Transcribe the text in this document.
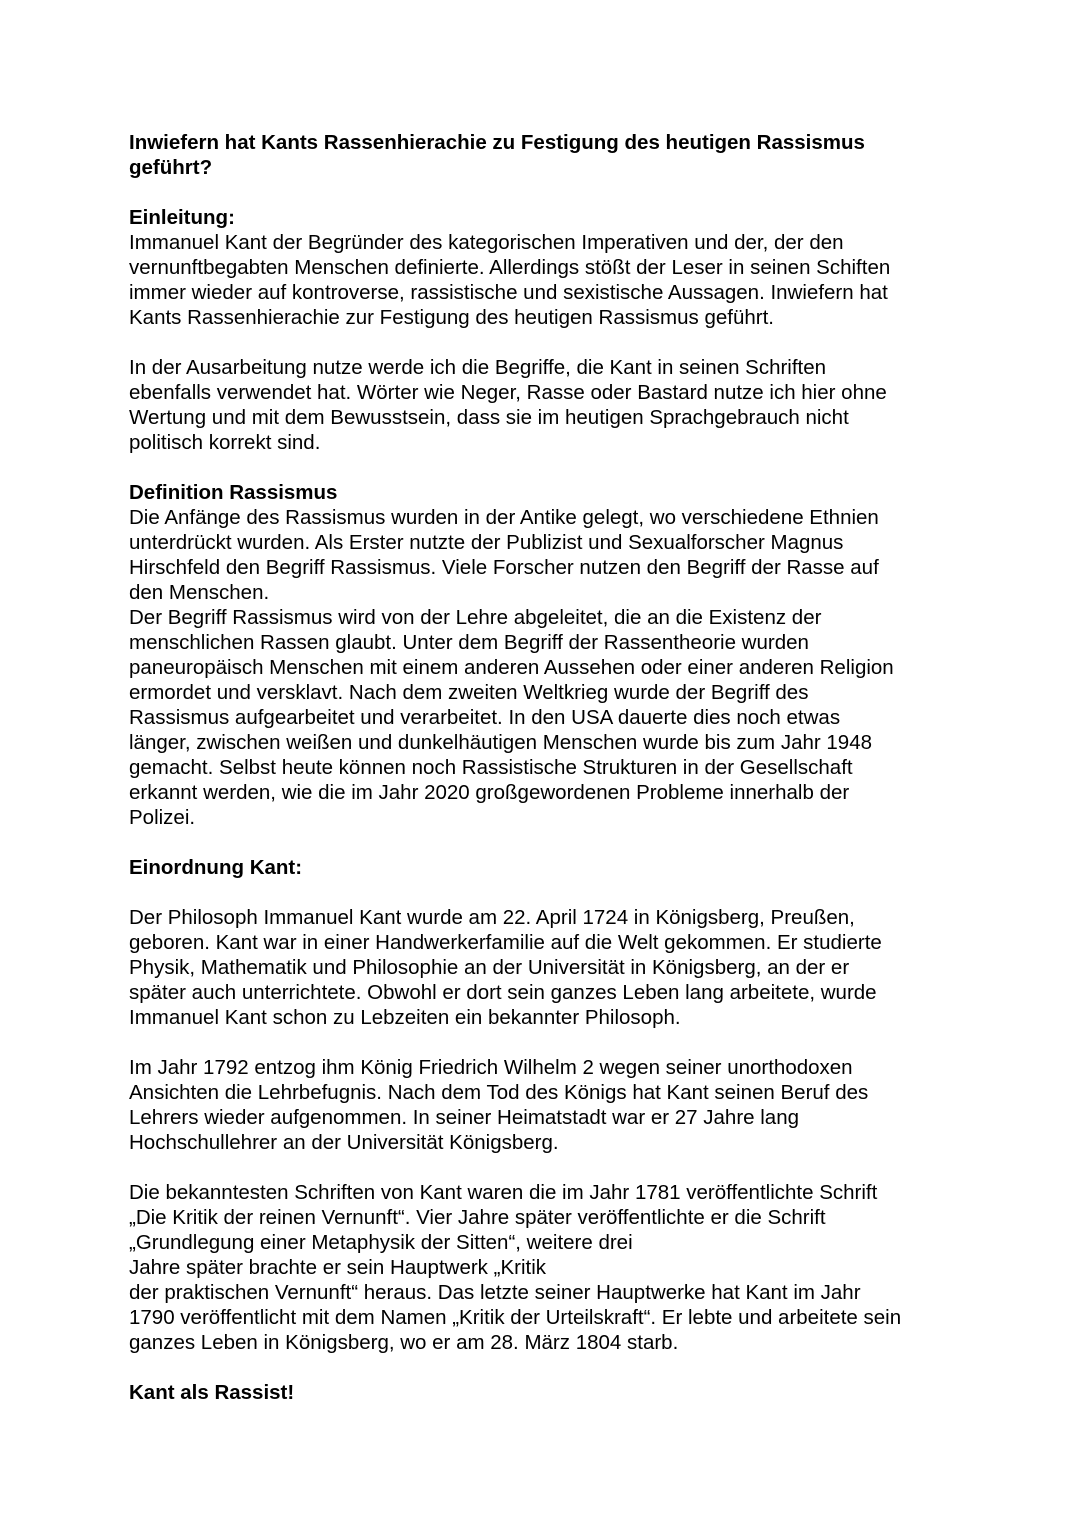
Inwiefern hat Kants Rassenhierachie zu Festigung des heutigen Rassismus
geführt?
Einleitung:
Immanuel Kant der Begründer des kategorischen Imperativen und der, der den
vernunftbegabten Menschen definierte. Allerdings stößt der Leser in seinen Schiften
immer wieder auf kontroverse, rassistische und sexistische Aussagen. Inwiefern hat
Kants Rassenhierachie zur Festigung des heutigen Rassismus geführt.
In der Ausarbeitung nutze werde ich die Begriffe, die Kant in seinen Schriften
ebenfalls verwendet hat. Wörter wie Neger, Rasse oder Bastard nutze ich hier ohne
Wertung und mit dem Bewusstsein, dass sie im heutigen Sprachgebrauch nicht
politisch korrekt sind.
Definition Rassismus
Die Anfänge des Rassismus wurden in der Antike gelegt, wo verschiedene Ethnien
unterdrückt wurden. Als Erster nutzte der Publizist und Sexualforscher Magnus
Hirschfeld den Begriff Rassismus. Viele Forscher nutzen den Begriff der Rasse auf
den Menschen.
Der Begriff Rassismus wird von der Lehre abgeleitet, die an die Existenz der
menschlichen Rassen glaubt. Unter dem Begriff der Rassentheorie wurden
paneuropäisch Menschen mit einem anderen Aussehen oder einer anderen Religion
ermordet und versklavt. Nach dem zweiten Weltkrieg wurde der Begriff des
Rassismus aufgearbeitet und verarbeitet. In den USA dauerte dies noch etwas
länger, zwischen weißen und dunkelhäutigen Menschen wurde bis zum Jahr 1948
gemacht. Selbst heute können noch Rassistische Strukturen in der Gesellschaft
erkannt werden, wie die im Jahr 2020 großgewordenen Probleme innerhalb der
Polizei.
Einordnung Kant:
Der Philosoph Immanuel Kant wurde am 22. April 1724 in Königsberg, Preußen,
geboren. Kant war in einer Handwerkerfamilie auf die Welt gekommen. Er studierte
Physik, Mathematik und Philosophie an der Universität in Königsberg, an der er
später auch unterrichtete. Obwohl er dort sein ganzes Leben lang arbeitete, wurde
Immanuel Kant schon zu Lebzeiten ein bekannter Philosoph.
Im Jahr 1792 entzog ihm König Friedrich Wilhelm 2 wegen seiner unorthodoxen
Ansichten die Lehrbefugnis. Nach dem Tod des Königs hat Kant seinen Beruf des
Lehrers wieder aufgenommen. In seiner Heimatstadt war er 27 Jahre lang
Hochschullehrer an der Universität Königsberg.
Die bekanntesten Schriften von Kant waren die im Jahr 1781 veröffentlichte Schrift
„Die Kritik der reinen Vernunft“. Vier Jahre später veröffentlichte er die Schrift
„Grundlegung einer Metaphysik der Sitten“, weitere drei
Jahre später brachte er sein Hauptwerk „Kritik
der praktischen Vernunft“ heraus. Das letzte seiner Hauptwerke hat Kant im Jahr
1790 veröffentlicht mit dem Namen „Kritik der Urteilskraft“. Er lebte und arbeitete sein
ganzes Leben in Königsberg, wo er am 28. März 1804 starb.
Kant als Rassist!
